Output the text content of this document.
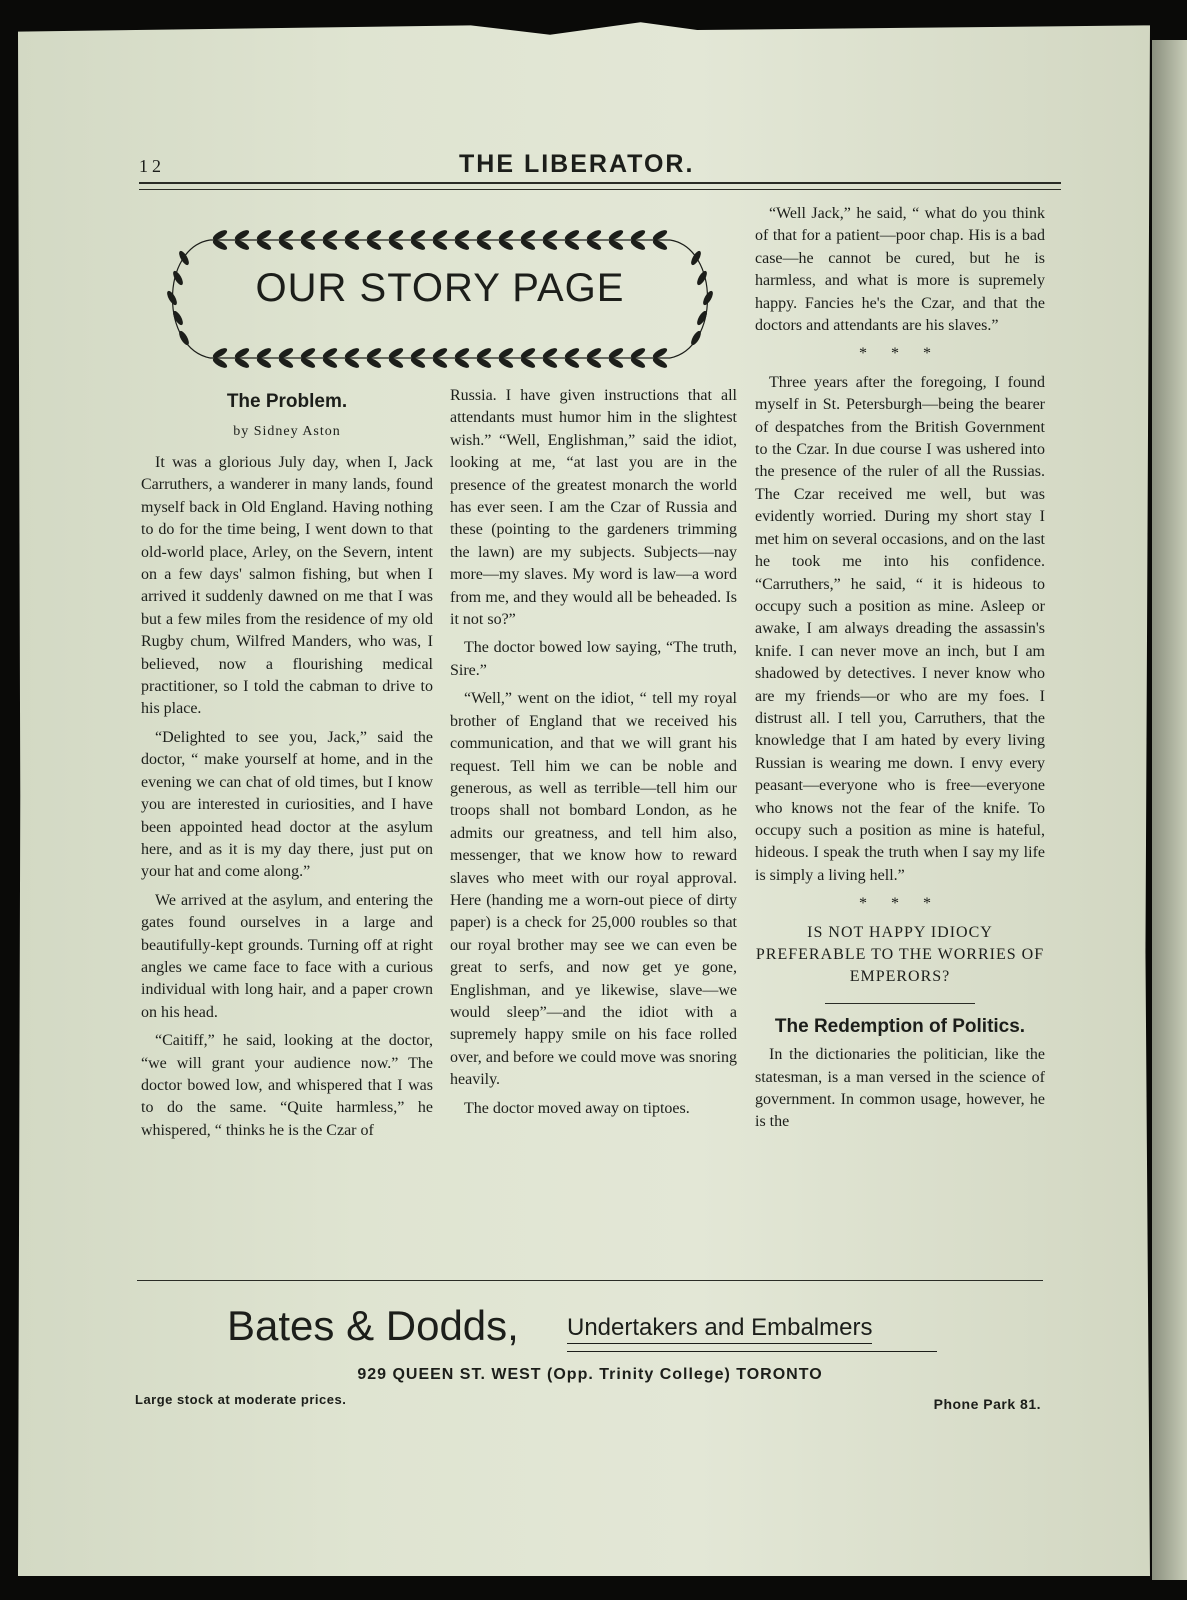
12	THE LIBERATOR.
OUR STORY PAGE
The Problem.
by Sidney Aston

It was a glorious July day, when I, Jack Carruthers, a wanderer in many lands, found myself back in Old England. Having nothing to do for the time being, I went down to that old-world place, Arley, on the Severn, intent on a few days' salmon fishing, but when I arrived it suddenly dawned on me that I was but a few miles from the residence of my old Rugby chum, Wilfred Manders, who was, I believed, now a flourishing medical practitioner, so I told the cabman to drive to his place.

“Delighted to see you, Jack,” said the doctor, “ make yourself at home, and in the evening we can chat of old times, but I know you are interested in curiosities, and I have been appointed head doctor at the asylum here, and as it is my day there, just put on your hat and come along.”

We arrived at the asylum, and entering the gates found ourselves in a large and beautifully-kept grounds. Turning off at right angles we came face to face with a curious individual with long hair, and a paper crown on his head.

“Caitiff,” he said, looking at the doctor, “we will grant your audience now.” The doctor bowed low, and whispered that I was to do the same. “Quite harmless,” he whispered, “ thinks he is the Czar of

Russia. I have given instructions that all attendants must humor him in the slightest wish.” “Well, Englishman,” said the idiot, looking at me, “at last you are in the presence of the greatest monarch the world has ever seen. I am the Czar of Russia and these (pointing to the gardeners trimming the lawn) are my subjects. Subjects—nay more—my slaves. My word is law—a word from me, and they would all be beheaded. Is it not so?”

The doctor bowed low saying, “The truth, Sire.”

“Well,” went on the idiot, “ tell my royal brother of England that we received his communication, and that we will grant his request. Tell him we can be noble and generous, as well as terrible—tell him our troops shall not bombard London, as he admits our greatness, and tell him also, messenger, that we know how to reward slaves who meet with our royal approval. Here (handing me a worn-out piece of dirty paper) is a check for 25,000 roubles so that our royal brother may see we can even be great to serfs, and now get ye gone, Englishman, and ye likewise, slave—we would sleep”—and the idiot with a supremely happy smile on his face rolled over, and before we could move was snoring heavily.

The doctor moved away on tiptoes.

“Well Jack,” he said, “ what do you think of that for a patient—poor chap. His is a bad case—he cannot be cured, but he is harmless, and what is more is supremely happy. Fancies he's the Czar, and that the doctors and attendants are his slaves.”

* * *

Three years after the foregoing, I found myself in St. Petersburgh—being the bearer of despatches from the British Government to the Czar. In due course I was ushered into the presence of the ruler of all the Russias. The Czar received me well, but was evidently worried. During my short stay I met him on several occasions, and on the last he took me into his confidence. “Carruthers,” he said, “ it is hideous to occupy such a position as mine. Asleep or awake, I am always dreading the assassin's knife. I can never move an inch, but I am shadowed by detectives. I never know who are my friends—or who are my foes. I distrust all. I tell you, Carruthers, that the knowledge that I am hated by every living Russian is wearing me down. I envy every peasant—everyone who is free—everyone who knows not the fear of the knife. To occupy such a position as mine is hateful, hideous. I speak the truth when I say my life is simply a living hell.”

* * *

IS NOT HAPPY IDIOCY PREFERABLE TO THE WORRIES OF EMPERORS?

The Redemption of Politics.

In the dictionaries the politician, like the statesman, is a man versed in the science of government. In common usage, however, he is the

Bates & Dodds, Undertakers and Embalmers
929 QUEEN ST. WEST (Opp. Trinity College) TORONTO
Large stock at moderate prices.	Phone Park 81.
